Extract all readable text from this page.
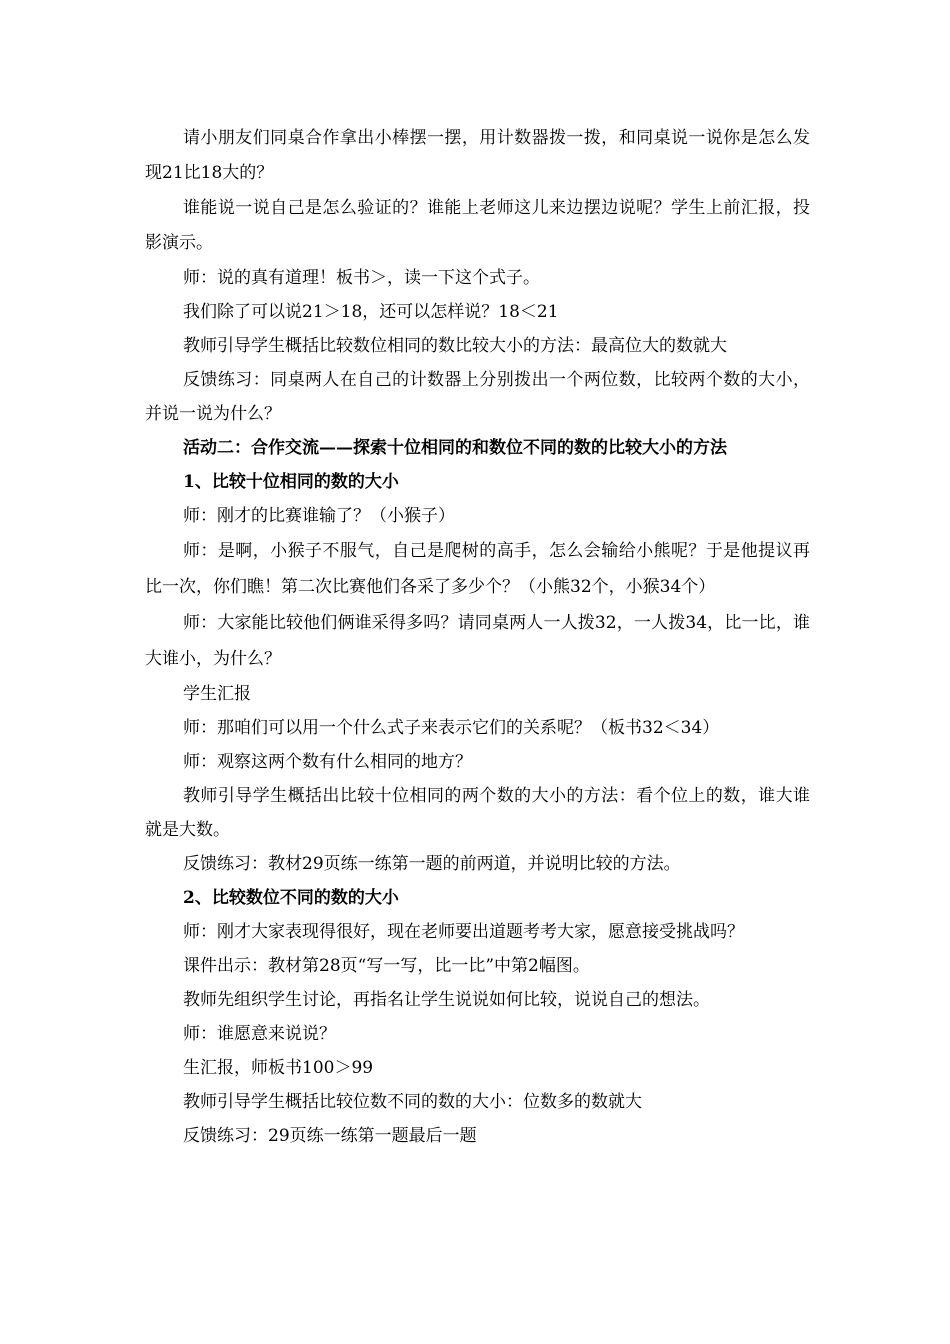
请小朋友们同桌合作拿出小棒摆一摆，用计数器拨一拨，和同桌说一说你是怎么发现21比18大的？

谁能说一说自己是怎么验证的？谁能上老师这儿来边摆边说呢？学生上前汇报，投影演示。

师：说的真有道理！板书＞，读一下这个式子。

我们除了可以说21＞18，还可以怎样说？18＜21

教师引导学生概括比较数位相同的数比较大小的方法：最高位大的数就大

反馈练习：同桌两人在自己的计数器上分别拨出一个两位数，比较两个数的大小，并说一说为什么？

活动二：合作交流——探索十位相同的和数位不同的数的比较大小的方法

1、比较十位相同的数的大小

师：刚才的比赛谁输了？（小猴子）

师：是啊，小猴子不服气，自己是爬树的高手，怎么会输给小熊呢？于是他提议再比一次，你们瞧！第二次比赛他们各采了多少个？（小熊32个，小猴34个）

师：大家能比较他们俩谁采得多吗？请同桌两人一人拨32，一人拨34，比一比，谁大谁小，为什么？

学生汇报

师：那咱们可以用一个什么式子来表示它们的关系呢？（板书32＜34）

师：观察这两个数有什么相同的地方？

教师引导学生概括出比较十位相同的两个数的大小的方法：看个位上的数，谁大谁就是大数。

反馈练习：教材29页练一练第一题的前两道，并说明比较的方法。

2、比较数位不同的数的大小

师：刚才大家表现得很好，现在老师要出道题考考大家，愿意接受挑战吗？

课件出示：教材第28页“写一写，比一比”中第2幅图。

教师先组织学生讨论，再指名让学生说说如何比较，说说自己的想法。

师：谁愿意来说说？

生汇报，师板书100＞99

教师引导学生概括比较位数不同的数的大小：位数多的数就大

反馈练习：29页练一练第一题最后一题
